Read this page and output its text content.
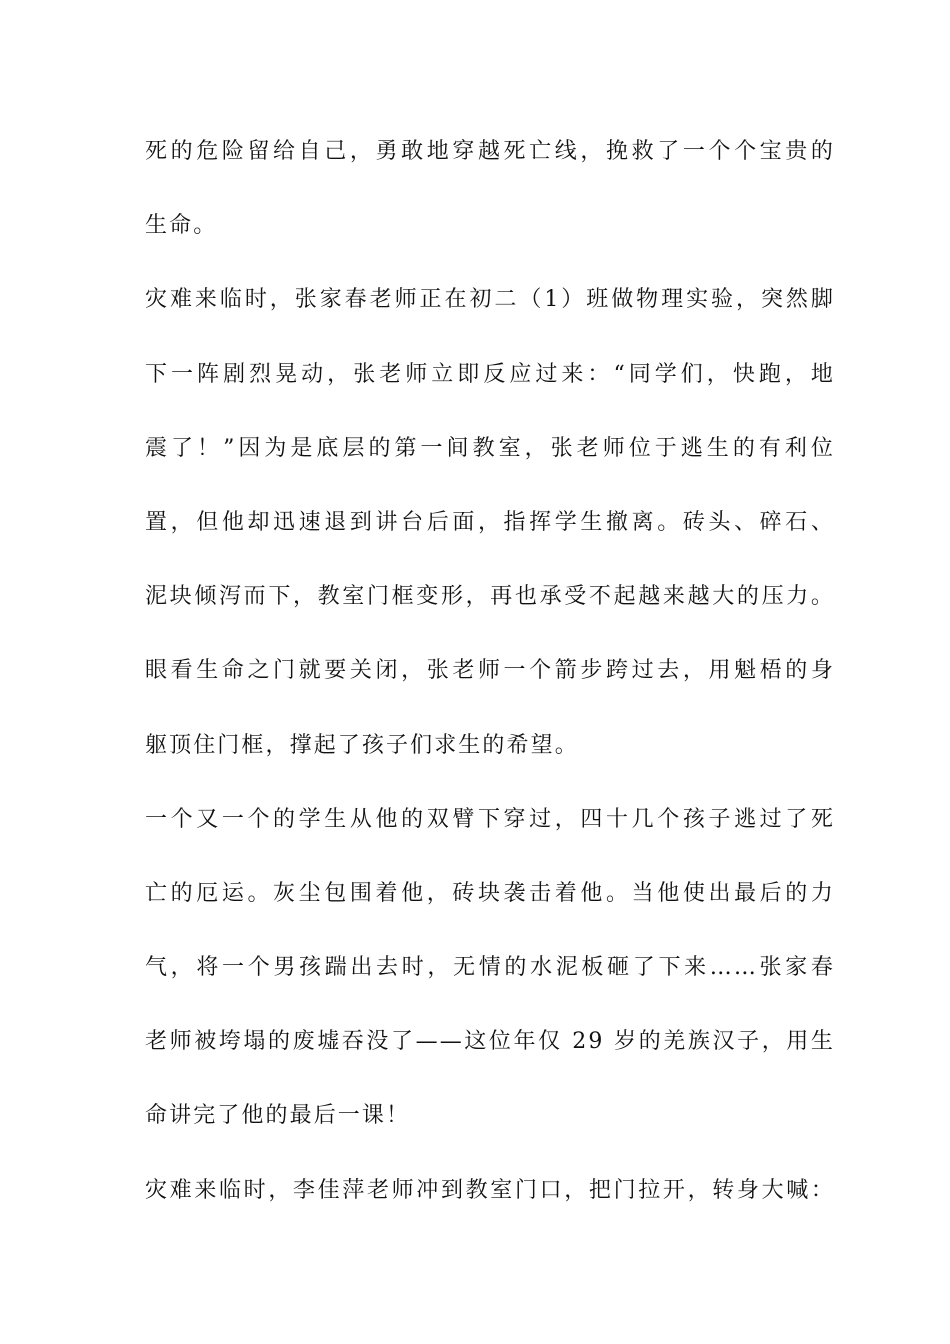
死的危险留给自己，勇敢地穿越死亡线，挽救了一个个宝贵的
生命。
灾难来临时，张家春老师正在初二（1）班做物理实验，突然脚
下一阵剧烈晃动，张老师立即反应过来：“同学们，快跑，地
震了！”因为是底层的第一间教室，张老师位于逃生的有利位
置，但他却迅速退到讲台后面，指挥学生撤离。砖头、碎石、
泥块倾泻而下，教室门框变形，再也承受不起越来越大的压力。
眼看生命之门就要关闭，张老师一个箭步跨过去，用魁梧的身
躯顶住门框，撑起了孩子们求生的希望。
一个又一个的学生从他的双臂下穿过，四十几个孩子逃过了死
亡的厄运。灰尘包围着他，砖块袭击着他。当他使出最后的力
气，将一个男孩踹出去时，无情的水泥板砸了下来……张家春
老师被垮塌的废墟吞没了——这位年仅 29 岁的羌族汉子，用生
命讲完了他的最后一课！
灾难来临时，李佳萍老师冲到教室门口，把门拉开，转身大喊：
